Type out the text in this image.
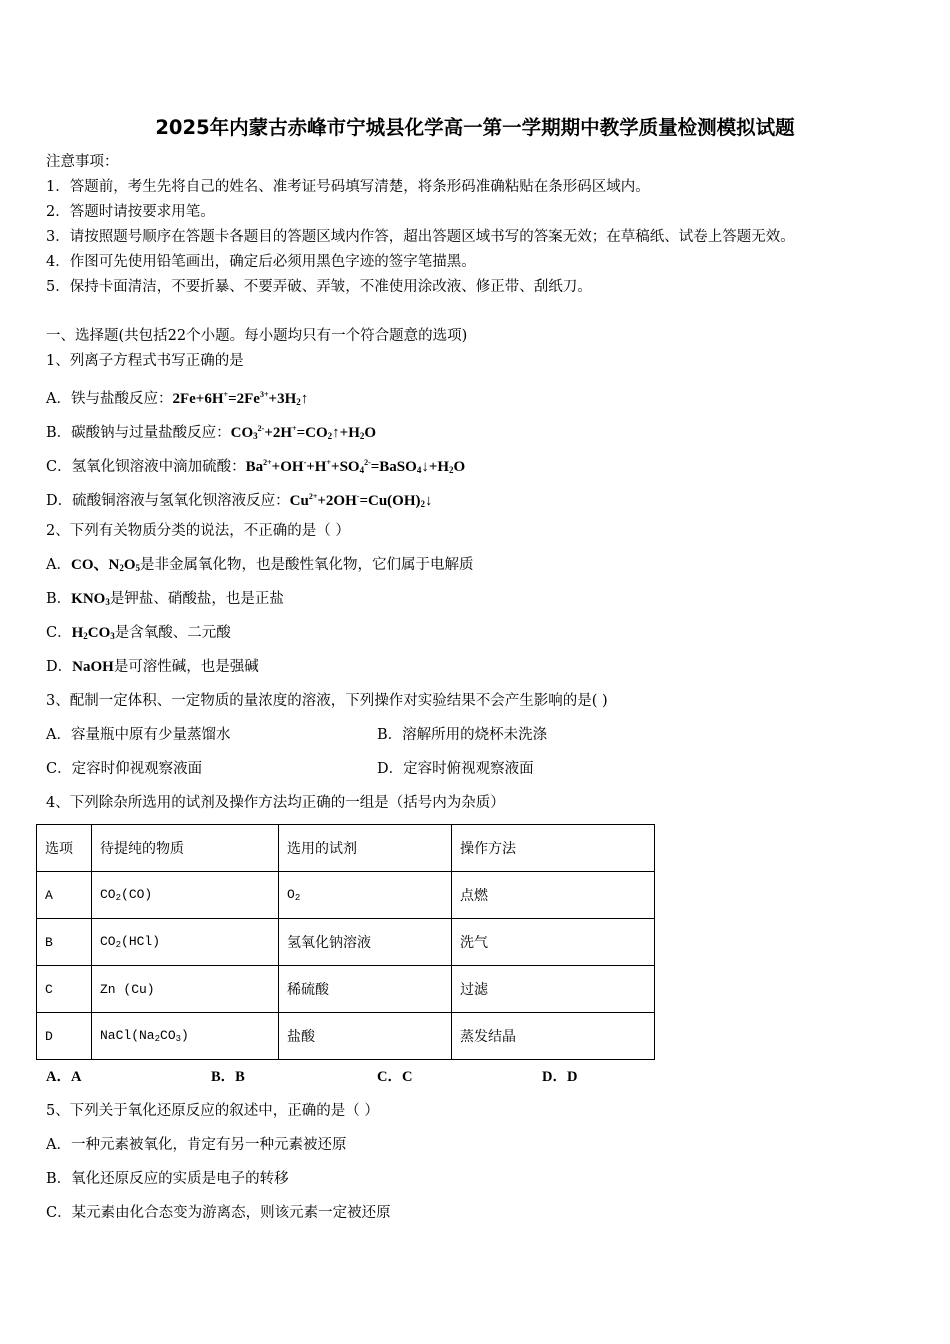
2025年内蒙古赤峰市宁城县化学高一第一学期期中教学质量检测模拟试题
注意事项：
1．答题前，考生先将自己的姓名、准考证号码填写清楚，将条形码准确粘贴在条形码区域内。
2．答题时请按要求用笔。
3．请按照题号顺序在答题卡各题目的答题区域内作答，超出答题区域书写的答案无效；在草稿纸、试卷上答题无效。
4．作图可先使用铅笔画出，确定后必须用黑色字迹的签字笔描黑。
5．保持卡面清洁，不要折暴、不要弄破、弄皱，不准使用涂改液、修正带、刮纸刀。
一、选择题(共包括22个小题。每小题均只有一个符合题意的选项)
1、列离子方程式书写正确的是
A．铁与盐酸反应：$2Fe+6H^+=2Fe^{3+}+3H_2↑$
B．碳酸钠与过量盐酸反应：$CO_3^{2-}+2H^+=CO_2↑+H_2O$
C．氢氧化钡溶液中滴加硫酸：$Ba^{2+}+OH^-+H^++SO_4^{2-}=BaSO_4↓+H_2O$
D．硫酸铜溶液与氢氧化钡溶液反应：$Cu^{2+}+2OH^-=Cu(OH)_2↓$
2、下列有关物质分类的说法，不正确的是（ ）
A．CO、$N_2O_5$是非金属氧化物，也是酸性氧化物，它们属于电解质
B．$KNO_3$是钾盐、硝酸盐，也是正盐
C．$H_2CO_3$是含氧酸、二元酸
D．NaOH是可溶性碱，也是强碱
3、配制一定体积、一定物质的量浓度的溶液，下列操作对实验结果不会产生影响的是( )
A．容量瓶中原有少量蒸馏水	B．溶解所用的烧杯未洗涤
C．定容时仰视观察液面	D．定容时俯视观察液面
4、下列除杂所选用的试剂及操作方法均正确的一组是（括号内为杂质）
选项	待提纯的物质	选用的试剂	操作方法
A	CO2(CO)	O2	点燃
B	CO2(HCl)	氢氧化钠溶液	洗气
C	Zn (Cu)	稀硫酸	过滤
D	NaCl(Na2CO3)	盐酸	蒸发结晶
A．A	B．B	C．C	D．D
5、下列关于氧化还原反应的叙述中，正确的是（ ）
A．一种元素被氧化，肯定有另一种元素被还原
B．氧化还原反应的实质是电子的转移
C．某元素由化合态变为游离态，则该元素一定被还原
